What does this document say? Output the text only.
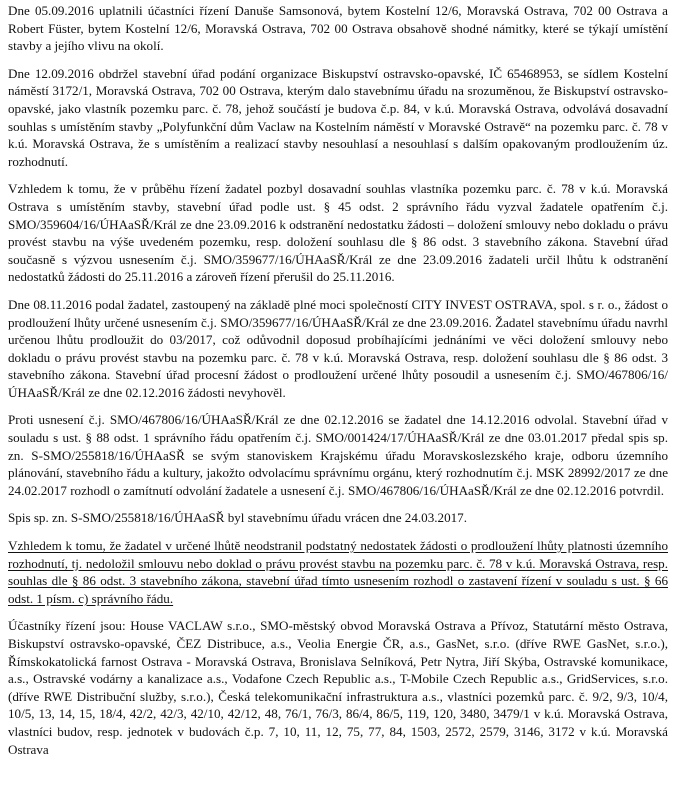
Dne 05.09.2016 uplatnili účastníci řízení Danuše Samsonová, bytem Kostelní 12/6, Moravská Ostrava, 702 00 Ostrava a Robert Füster, bytem Kostelní 12/6, Moravská Ostrava, 702 00 Ostrava obsahově shodné námitky, které se týkají umístění stavby a jejího vlivu na okolí.

Dne 12.09.2016 obdržel stavební úřad podání organizace Biskupství ostravsko-opavské, IČ 65468953, se sídlem Kostelní náměstí 3172/1, Moravská Ostrava, 702 00 Ostrava, kterým dalo stavebnímu úřadu na srozuměnou, že Biskupství ostravsko-opavské, jako vlastník pozemku parc. č. 78, jehož součástí je budova č.p. 84, v k.ú. Moravská Ostrava, odvolává dosavadní souhlas s umístěním stavby „Polyfunkční dům Vaclaw na Kostelním náměstí v Moravské Ostravě“ na pozemku parc. č. 78 v k.ú. Moravská Ostrava, že s umístěním a realizací stavby nesouhlasí a nesouhlasí s dalším opakovaným prodloužením úz. rozhodnutí.

Vzhledem k tomu, že v průběhu řízení žadatel pozbyl dosavadní souhlas vlastníka pozemku parc. č. 78 v k.ú. Moravská Ostrava s umístěním stavby, stavební úřad podle ust. § 45 odst. 2 správního řádu vyzval žadatele opatřením č.j. SMO/359604/16/ÚHAaSŘ/Král ze dne 23.09.2016 k odstranění nedostatku žádosti – doložení smlouvy nebo dokladu o právu provést stavbu na výše uvedeném pozemku, resp. doložení souhlasu dle § 86 odst. 3 stavebního zákona. Stavební úřad současně s výzvou usnesením č.j. SMO/359677/16/ÚHAaSŘ/Král ze dne 23.09.2016 žadateli určil lhůtu k odstranění nedostatků žádosti do 25.11.2016 a zároveň řízení přerušil do 25.11.2016.

Dne 08.11.2016 podal žadatel, zastoupený na základě plné moci společností CITY INVEST OSTRAVA, spol. s r. o., žádost o prodloužení lhůty určené usnesením č.j. SMO/359677/16/ÚHAaSŘ/Král ze dne 23.09.2016. Žadatel stavebnímu úřadu navrhl určenou lhůtu prodloužit do 03/2017, což odůvodnil doposud probíhajícími jednáními ve věci doložení smlouvy nebo dokladu o právu provést stavbu na pozemku parc. č. 78 v k.ú. Moravská Ostrava, resp. doložení souhlasu dle § 86 odst. 3 stavebního zákona. Stavební úřad procesní žádost o prodloužení určené lhůty posoudil a usnesením č.j. SMO/467806/16/ÚHAaSŘ/Král ze dne 02.12.2016 žádosti nevyhověl.

Proti usnesení č.j. SMO/467806/16/ÚHAaSŘ/Král ze dne 02.12.2016 se žadatel dne 14.12.2016 odvolal. Stavební úřad v souladu s ust. § 88 odst. 1 správního řádu opatřením č.j. SMO/001424/17/ÚHAaSŘ/Král ze dne 03.01.2017 předal spis sp. zn. S-SMO/255818/16/ÚHAaSŘ se svým stanoviskem Krajskému úřadu Moravskoslezského kraje, odboru územního plánování, stavebního řádu a kultury, jakožto odvolacímu správnímu orgánu, který rozhodnutím č.j. MSK 28992/2017 ze dne 24.02.2017 rozhodl o zamítnutí odvolání žadatele a usnesení č.j. SMO/467806/16/ÚHAaSŘ/Král ze dne 02.12.2016 potvrdil.

Spis sp. zn. S-SMO/255818/16/ÚHAaSŘ byl stavebnímu úřadu vrácen dne 24.03.2017.

Vzhledem k tomu, že žadatel v určené lhůtě neodstranil podstatný nedostatek žádosti o prodloužení lhůty platnosti územního rozhodnutí, tj. nedoložil smlouvu nebo doklad o právu provést stavbu na pozemku parc. č. 78 v k.ú. Moravská Ostrava, resp. souhlas dle § 86 odst. 3 stavebního zákona, stavební úřad tímto usnesením rozhodl o zastavení řízení v souladu s ust. § 66 odst. 1 písm. c) správního řádu.

Účastníky řízení jsou: House VACLAW s.r.o., SMO-městský obvod Moravská Ostrava a Přívoz, Statutární město Ostrava, Biskupství ostravsko-opavské, ČEZ Distribuce, a.s., Veolia Energie ČR, a.s., GasNet, s.r.o. (dříve RWE GasNet, s.r.o.), Římskokatolická farnost Ostrava - Moravská Ostrava, Bronislava Selníková, Petr Nytra, Jiří Skýba, Ostravské komunikace, a.s., Ostravské vodárny a kanalizace a.s., Vodafone Czech Republic a.s., T-Mobile Czech Republic a.s., GridServices, s.r.o. (dříve RWE Distribuční služby, s.r.o.), Česká telekomunikační infrastruktura a.s., vlastníci pozemků parc. č. 9/2, 9/3, 10/4, 10/5, 13, 14, 15, 18/4, 42/2, 42/3, 42/10, 42/12, 48, 76/1, 76/3, 86/4, 86/5, 119, 120, 3480, 3479/1 v k.ú. Moravská Ostrava, vlastníci budov, resp. jednotek v budovách č.p. 7, 10, 11, 12, 75, 77, 84, 1503, 2572, 2579, 3146, 3172 v k.ú. Moravská Ostrava
